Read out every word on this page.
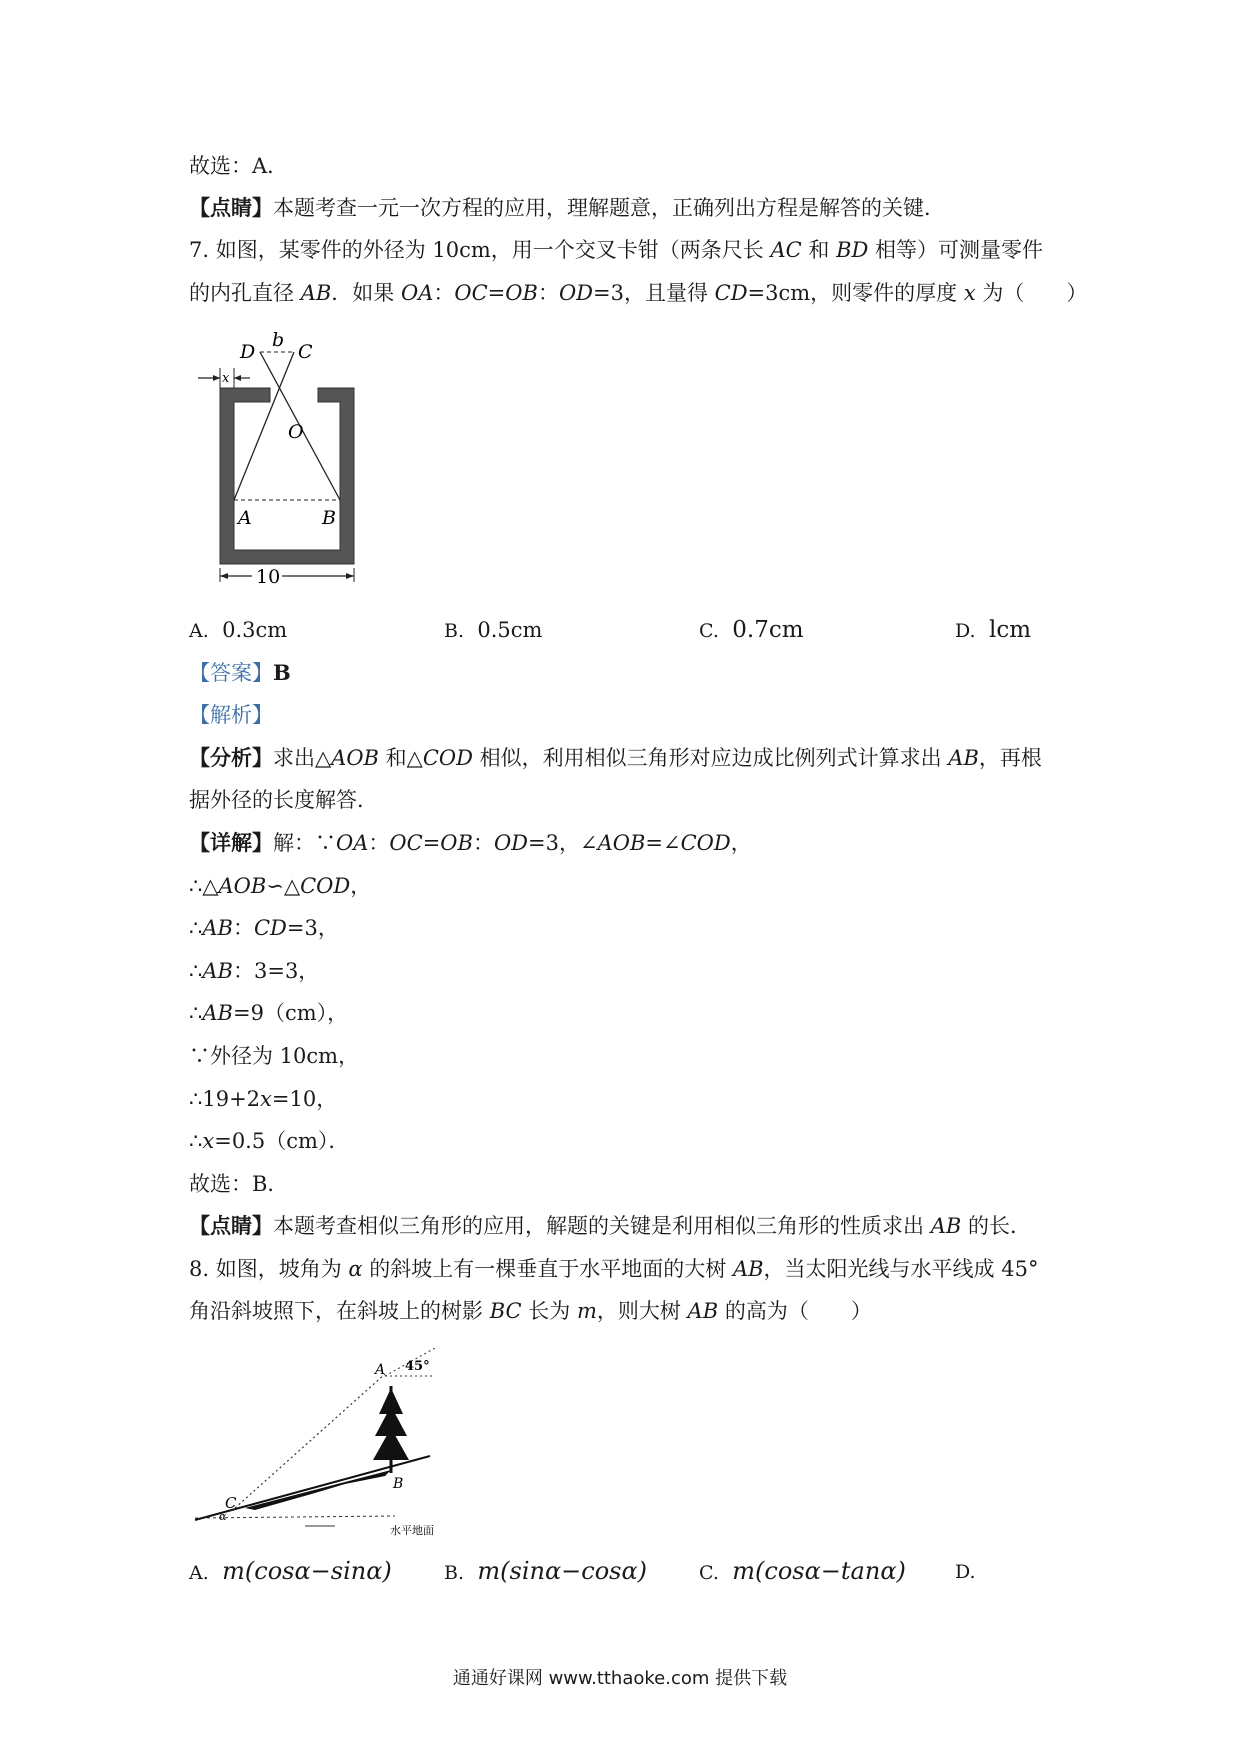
故选：A．
【点睛】本题考查一元一次方程的应用，理解题意，正确列出方程是解答的关键．
7. 如图，某零件的外径为 10cm，用一个交叉卡钳（两条尺长 AC 和 BD 相等）可测量零件
的内孔直径 AB．如果 OA：OC=OB：OD=3，且量得 CD=3cm，则零件的厚度 x 为（　　）
D
b
C
x
O
A	B
10
A. 0.3cm	B. 0.5cm	C. 0.7cm	D. lcm
【答案】B
【解析】
【分析】求出△AOB 和△COD 相似，利用相似三角形对应边成比例列式计算求出 AB，再根
据外径的长度解答．
【详解】解：∵OA：OC=OB：OD=3，∠AOB=∠COD，
∴△AOB∽△COD，
∴AB：CD=3，
∴AB：3=3，
∴AB=9（cm），
∵外径为 10cm，
∴19+2x=10，
∴x=0.5（cm）．
故选：B．
【点睛】本题考查相似三角形的应用，解题的关键是利用相似三角形的性质求出 AB 的长．
8. 如图，坡角为 α 的斜坡上有一棵垂直于水平地面的大树 AB，当太阳光线与水平线成 45°
角沿斜坡照下，在斜坡上的树影 BC 长为 m，则大树 AB 的高为（　　）
A 45°
B
C
α
水平地面
A. m(cosα−sinα)	B. m(sinα−cosα)	C. m(cosα−tanα)	D.
通通好课网 www.tthaoke.com 提供下载
